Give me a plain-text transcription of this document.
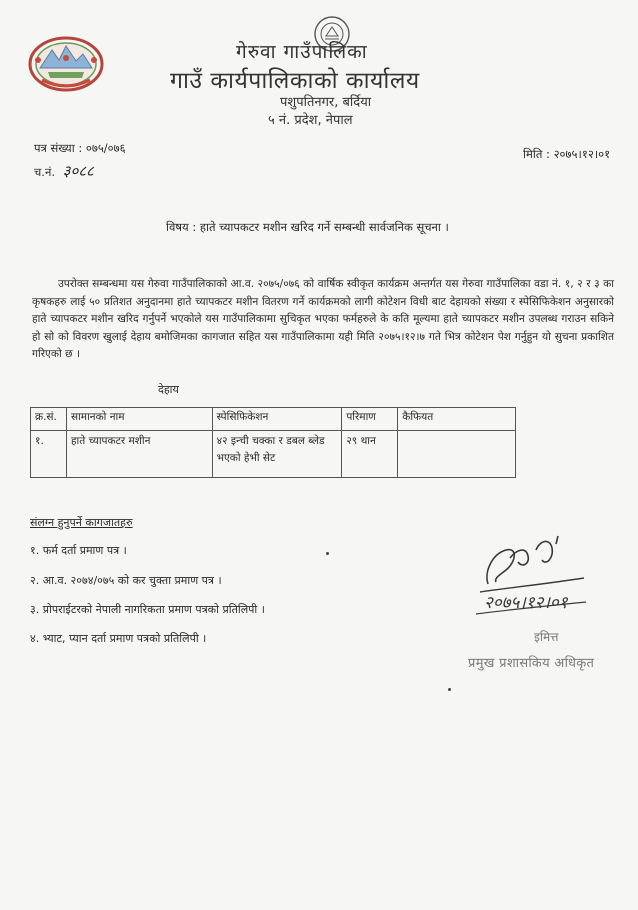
गेरुवा गाउँपालिका
गाउँ कार्यपालिकाको कार्यालय
पशुपतिनगर, बर्दिया
५ नं. प्रदेश, नेपाल
पत्र संख्या : ०७५/०७६
च.नं. ३०८८
मिति : २०७५।१२।०१
विषय : हाते च्यापकटर मशीन खरिद गर्ने सम्बन्धी सार्वजनिक सूचना ।
उपरोक्त सम्बन्धमा यस गेरुवा गाउँपालिकाको आ.व. २०७५/०७६ को वार्षिक स्वीकृत कार्यक्रम अन्तर्गत यस गेरुवा गाउँपालिका वडा नं. १, २ र ३ का कृषकहरु लाई ५० प्रतिशत अनुदानमा हाते च्यापकटर मशीन वितरण गर्ने कार्यक्रमको लागी कोटेशन विधी बाट देहायको संख्या र स्पेसिफिकेशन अनुसारको हाते च्यापकटर मशीन खरिद गर्नुपर्ने भएकोले यस गाउँपालिकामा सुचिकृत भएका फर्महरुले के कति मूल्यमा हाते च्यापकटर मशीन उपलब्ध गराउन सकिने हो सो को विवरण खुलाई देहाय बमोजिमका कागजात सहित यस गाउँपालिकामा यही मिति २०७५।१२।७ गते भित्र कोटेशन पेश गर्नुहुन यो सुचना प्रकाशित गरिएको छ ।
देहाय
क्र.सं.	सामानको नाम	स्पेसिफिकेशन	परिमाण	कैफियत
१.	हाते च्यापकटर मशीन	४२ इन्ची चक्का र डबल ब्लेड भएको हेभी सेट	२९ थान	
संलग्न हुनुपर्ने कागजातहरु
१. फर्म दर्ता प्रमाण पत्र ।
२. आ.व. २०७४/०७५ को कर चुक्ता प्रमाण पत्र ।
३. प्रोपराईटरको नेपाली नागरिकता प्रमाण पत्रको प्रतिलिपी ।
४. भ्याट, प्यान दर्ता प्रमाण पत्रको प्रतिलिपी ।
२०७५।१२।०१
इमित्त
प्रमुख प्रशासकिय अधिकृत
